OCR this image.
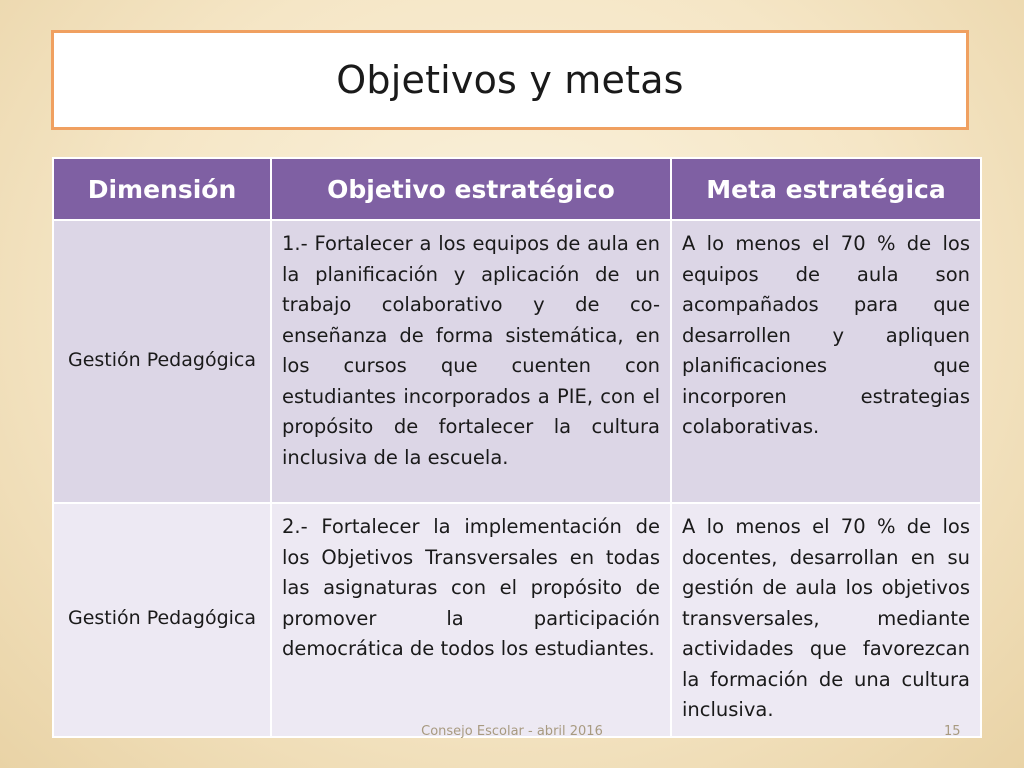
Objetivos y metas
Dimensión	Objetivo estratégico	Meta estratégica
Gestión Pedagógica	1.- Fortalecer a los equipos de aula en la planificación y aplicación de un trabajo colaborativo y de co-enseñanza de forma sistemática, en los cursos que cuenten con estudiantes incorporados a PIE, con el propósito de fortalecer la cultura inclusiva de la escuela.	A lo menos el 70 % de los equipos de aula son acompañados para que desarrollen y apliquen planificaciones que incorporen estrategias colaborativas.
Gestión Pedagógica	2.- Fortalecer la implementación de los Objetivos Transversales en todas las asignaturas con el propósito de promover la participación democrática de todos los estudiantes.	A lo menos el 70 % de los docentes, desarrollan en su gestión de aula los objetivos transversales, mediante actividades que favorezcan la formación de una cultura inclusiva.
Consejo Escolar - abril 2016	15
